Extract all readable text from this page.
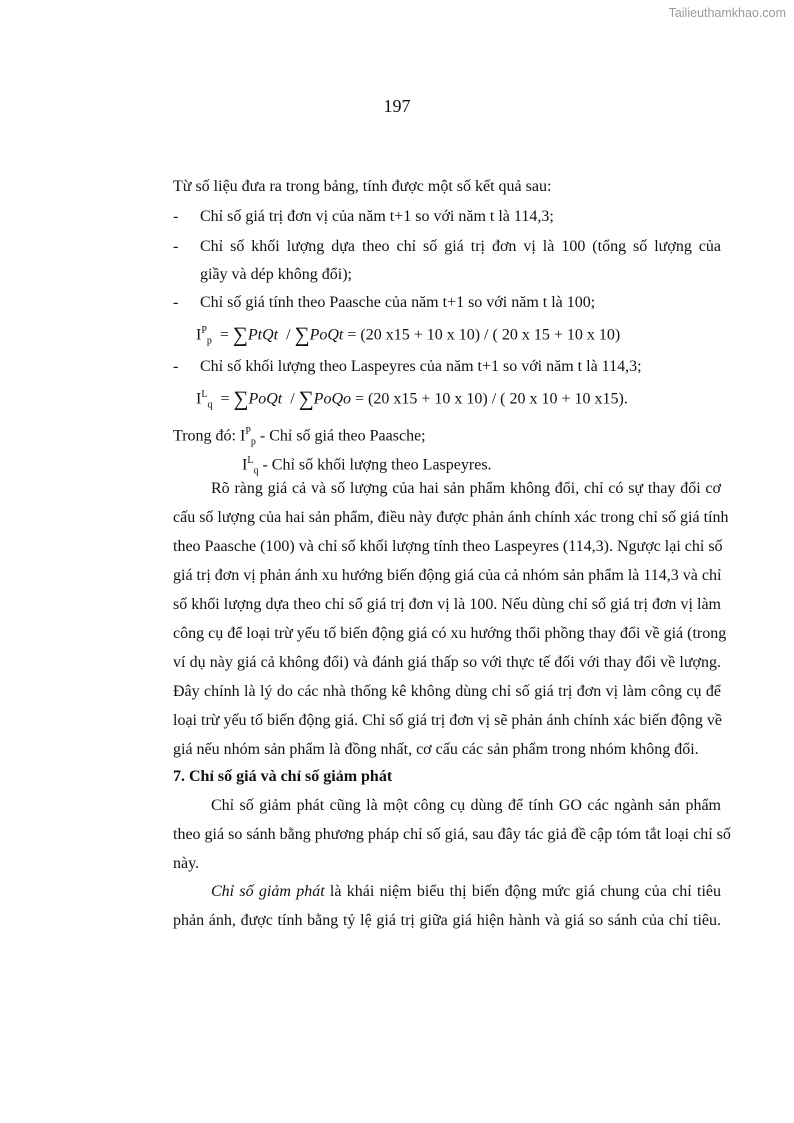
Tailieuthamkhao.com
197
Từ số liệu đưa ra trong bảng, tính được một số kết quả sau:
- Chỉ số giá trị đơn vị của năm t+1 so với năm t là 114,3;
- Chỉ số khối lượng dựa theo chỉ số giá trị đơn vị là 100 (tổng số lượng của
giầy và dép không đổi);
- Chỉ số giá tính theo Paasche của năm t+1 so với năm t là 100;
$I^P_p$  = ∑PtQt  / ∑PoQt = (20 x15 + 10 x 10) / ( 20 x 15 + 10 x 10)
- Chỉ số khối lượng theo Laspeyres của năm t+1 so với năm t là 114,3;
$I^L_q$  = ∑PoQt  / ∑PoQo = (20 x15 + 10 x 10) / ( 20 x 10 + 10 x15).
Trong đó: $I^P_p$ - Chỉ số giá theo Paasche;
$I^L_q$ - Chỉ số khối lượng theo Laspeyres.
Rõ ràng giá cả và số lượng của hai sản phẩm không đổi, chỉ có sự thay đổi cơ
cấu số lượng của hai sản phẩm, điều này được phản ánh chính xác trong chỉ số giá tính
theo Paasche (100) và chỉ số khối lượng tính theo Laspeyres (114,3). Ngược lại chỉ số
giá trị đơn vị phản ánh xu hướng biến động giá của cả nhóm sản phẩm là 114,3 và chỉ
số khối lượng dựa theo chỉ số giá trị đơn vị là 100. Nếu dùng chỉ số giá trị đơn vị làm
công cụ để loại trừ yếu tố biến động giá có xu hướng thổi phồng thay đổi về giá (trong
ví dụ này giá cả không đổi) và đánh giá thấp so với thực tế đối với thay đổi về lượng.
Đây chính là lý do các nhà thống kê không dùng chỉ số giá trị đơn vị làm công cụ để
loại trừ yếu tố biến động giá. Chỉ số giá trị đơn vị sẽ phản ánh chính xác biến động về
giá nếu nhóm sản phẩm là đồng nhất, cơ cấu các sản phẩm trong nhóm không đổi.
7. Chỉ số giá và chỉ số giảm phát
Chỉ số giảm phát cũng là một công cụ dùng để tính GO các ngành sản phẩm
theo giá so sánh bằng phương pháp chỉ số giá, sau đây tác giả đề cập tóm tắt loại chỉ số
này.
Chỉ số giảm phát là khái niệm biểu thị biến động mức giá chung của chỉ tiêu
phản ánh, được tính bằng tỷ lệ giá trị giữa giá hiện hành và giá so sánh của chỉ tiêu.
